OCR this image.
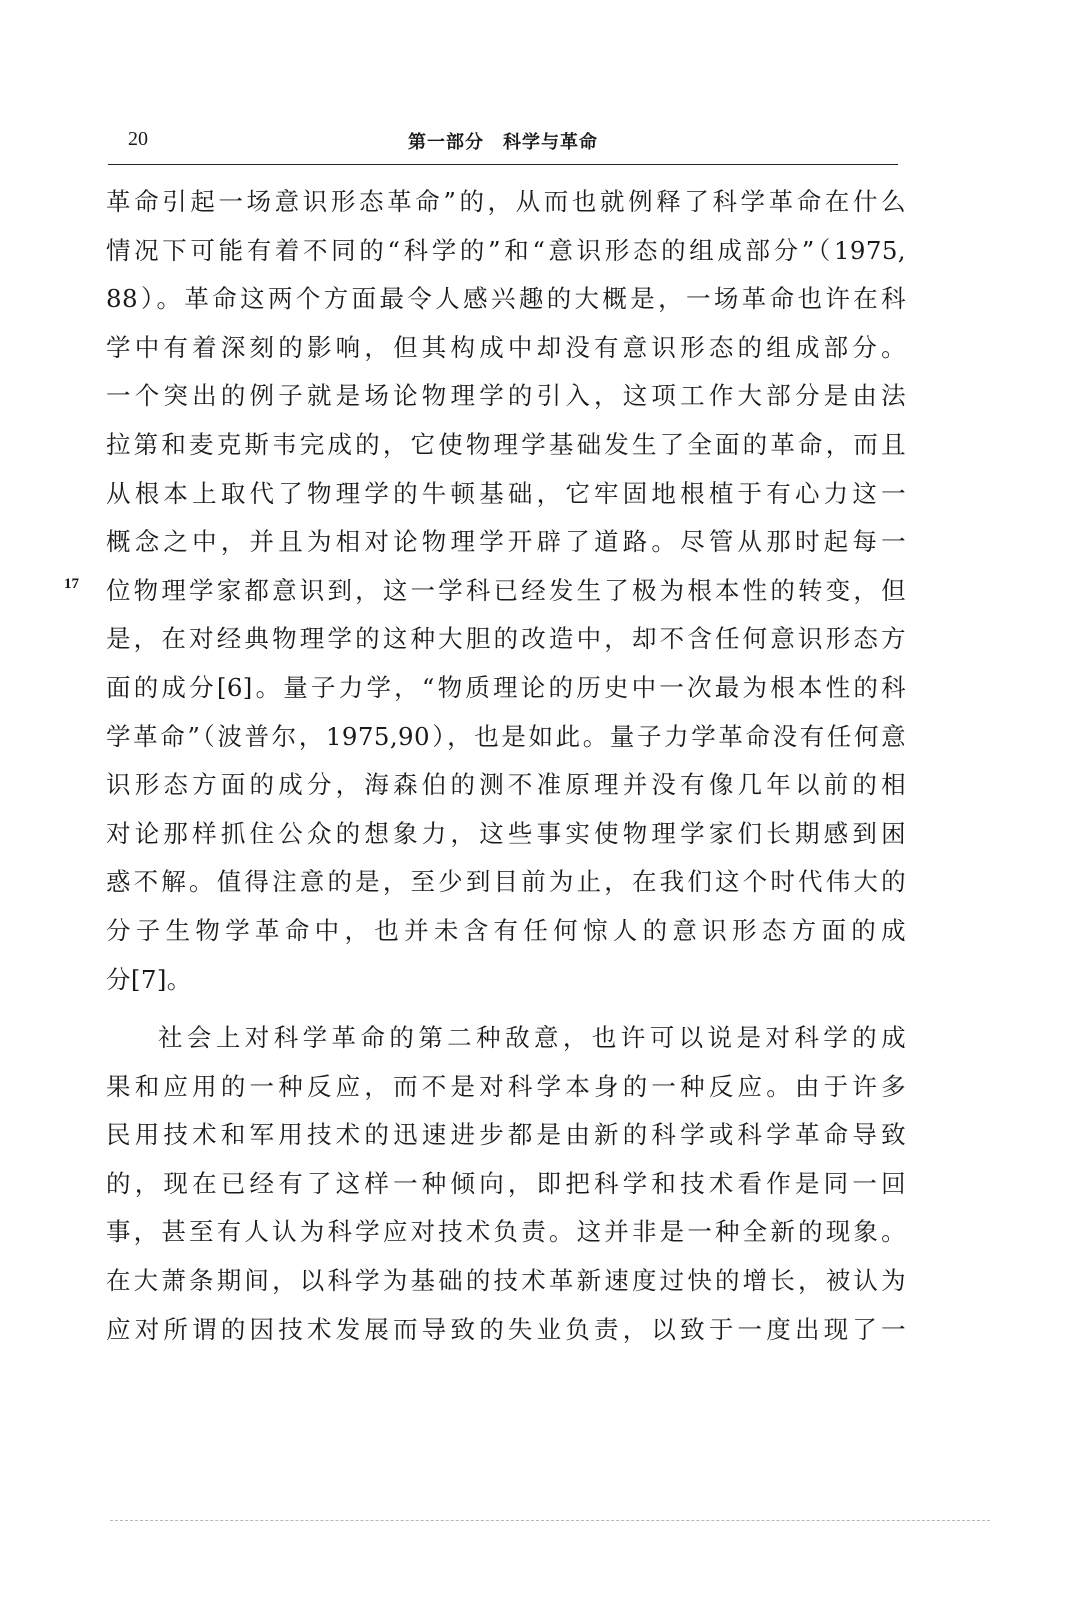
20	第一部分　科学与革命
17
革命引起一场意识形态革命”的，从而也就例释了科学革命在什么
情况下可能有着不同的“科学的”和“意识形态的组成部分”（1975,
88）。革命这两个方面最令人感兴趣的大概是，一场革命也许在科
学中有着深刻的影响，但其构成中却没有意识形态的组成部分。
一个突出的例子就是场论物理学的引入，这项工作大部分是由法
拉第和麦克斯韦完成的，它使物理学基础发生了全面的革命，而且
从根本上取代了物理学的牛顿基础，它牢固地根植于有心力这一
概念之中，并且为相对论物理学开辟了道路。尽管从那时起每一
位物理学家都意识到，这一学科已经发生了极为根本性的转变，但
是，在对经典物理学的这种大胆的改造中，却不含任何意识形态方
面的成分[6]。量子力学，“物质理论的历史中一次最为根本性的科
学革命”（波普尔，1975,90），也是如此。量子力学革命没有任何意
识形态方面的成分，海森伯的测不准原理并没有像几年以前的相
对论那样抓住公众的想象力，这些事实使物理学家们长期感到困
惑不解。值得注意的是，至少到目前为止，在我们这个时代伟大的
分子生物学革命中，也并未含有任何惊人的意识形态方面的成
分[7]。
社会上对科学革命的第二种敌意，也许可以说是对科学的成
果和应用的一种反应，而不是对科学本身的一种反应。由于许多
民用技术和军用技术的迅速进步都是由新的科学或科学革命导致
的，现在已经有了这样一种倾向，即把科学和技术看作是同一回
事，甚至有人认为科学应对技术负责。这并非是一种全新的现象。
在大萧条期间，以科学为基础的技术革新速度过快的增长，被认为
应对所谓的因技术发展而导致的失业负责，以致于一度出现了一
